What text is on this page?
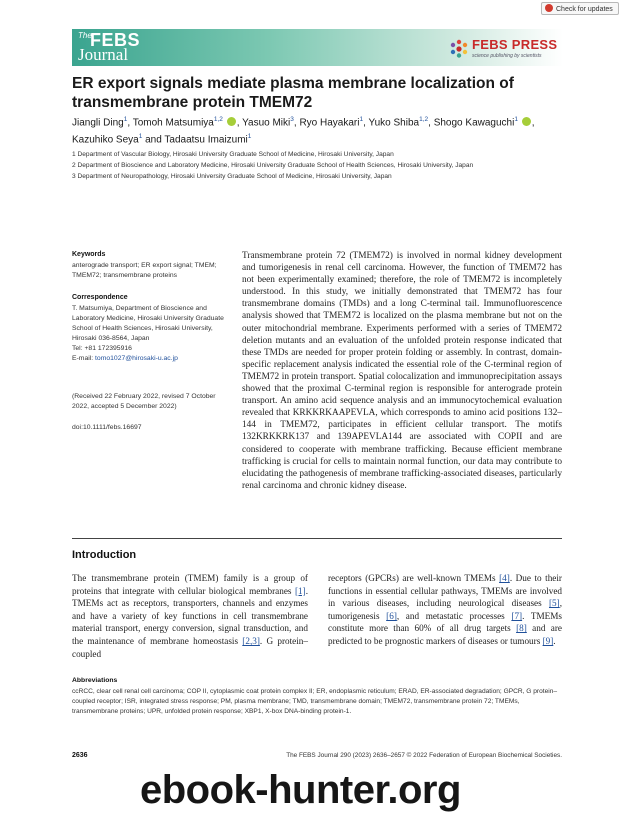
Check for updates
The
FEBS
Journal
FEBS PRESS
science publishing by scientists
ER export signals mediate plasma membrane localization of transmembrane protein TMEM72
Jiangli Ding$^1$, Tomoh Matsumiya$^{1,2}$ , Yasuo Miki$^3$, Ryo Hayakari$^1$, Yuko Shiba$^{1,2}$, Shogo Kawaguchi$^1$ , Kazuhiko Seya$^1$ and Tadaatsu Imaizumi$^1$
1 Department of Vascular Biology, Hirosaki University Graduate School of Medicine, Hirosaki University, Japan
2 Department of Bioscience and Laboratory Medicine, Hirosaki University Graduate School of Health Sciences, Hirosaki University, Japan
3 Department of Neuropathology, Hirosaki University Graduate School of Medicine, Hirosaki University, Japan
Keywords
anterograde transport; ER export signal; TMEM; TMEM72; transmembrane proteins
Correspondence
T. Matsumiya, Department of Bioscience and Laboratory Medicine, Hirosaki University Graduate School of Health Sciences, Hirosaki University, Hirosaki 036-8564, Japan
Tel: +81 172395916
E-mail: tomo1027@hirosaki-u.ac.jp
(Received 22 February 2022, revised 7 October 2022, accepted 5 December 2022)
doi:10.1111/febs.16697
Transmembrane protein 72 (TMEM72) is involved in normal kidney development and tumorigenesis in renal cell carcinoma. However, the function of TMEM72 has not been experimentally examined; therefore, the role of TMEM72 is incompletely understood. In this study, we initially demonstrated that TMEM72 has four transmembrane domains (TMDs) and a long C-terminal tail. Immunofluorescence analysis showed that TMEM72 is localized on the plasma membrane but not on the outer mitochondrial membrane. Experiments performed with a series of TMEM72 deletion mutants and an evaluation of the unfolded protein response indicated that these TMDs are needed for proper protein folding or assembly. In contrast, domain-specific replacement analysis indicated the essential role of the C-terminal region of TMEM72 in protein transport. Spatial colocalization and immunoprecipitation assays showed that the proximal C-terminal region is responsible for anterograde protein transport. An amino acid sequence analysis and an immunocytochemical evaluation revealed that KRKKRKAAPEVLA, which corresponds to amino acid positions 132–144 in TMEM72, participates in efficient cellular transport. The motifs 132KRKKRK137 and 139APEVLA144 are associated with COPII and are considered to cooperate with membrane trafficking. Because efficient membrane trafficking is crucial for cells to maintain normal function, our data may contribute to elucidating the pathogenesis of membrane trafficking-associated diseases, particularly renal carcinoma and chronic kidney disease.
Introduction
The transmembrane protein (TMEM) family is a group of proteins that integrate with cellular biological membranes [1]. TMEMs act as receptors, transporters, channels and enzymes and have a variety of key functions in cell transmembrane material transport, energy conversion, signal transduction, and the maintenance of membrane homeostasis [2,3]. G protein–coupled
receptors (GPCRs) are well-known TMEMs [4]. Due to their functions in essential cellular pathways, TMEMs are involved in various diseases, including neurological diseases [5], tumorigenesis [6], and metastatic processes [7]. TMEMs constitute more than 60% of all drug targets [8] and are predicted to be prognostic markers of diseases or tumours [9].
Abbreviations
ccRCC, clear cell renal cell carcinoma; COP II, cytoplasmic coat protein complex II; ER, endoplasmic reticulum; ERAD, ER-associated degradation; GPCR, G protein–coupled receptor; ISR, integrated stress response; PM, plasma membrane; TMD, transmembrane domain; TMEM72, transmembrane protein 72; TMEMs, transmembrane proteins; UPR, unfolded protein response; XBP1, X-box DNA-binding protein-1.
2636	The FEBS Journal 290 (2023) 2636–2657 © 2022 Federation of European Biochemical Societies.
ebook-hunter.org
